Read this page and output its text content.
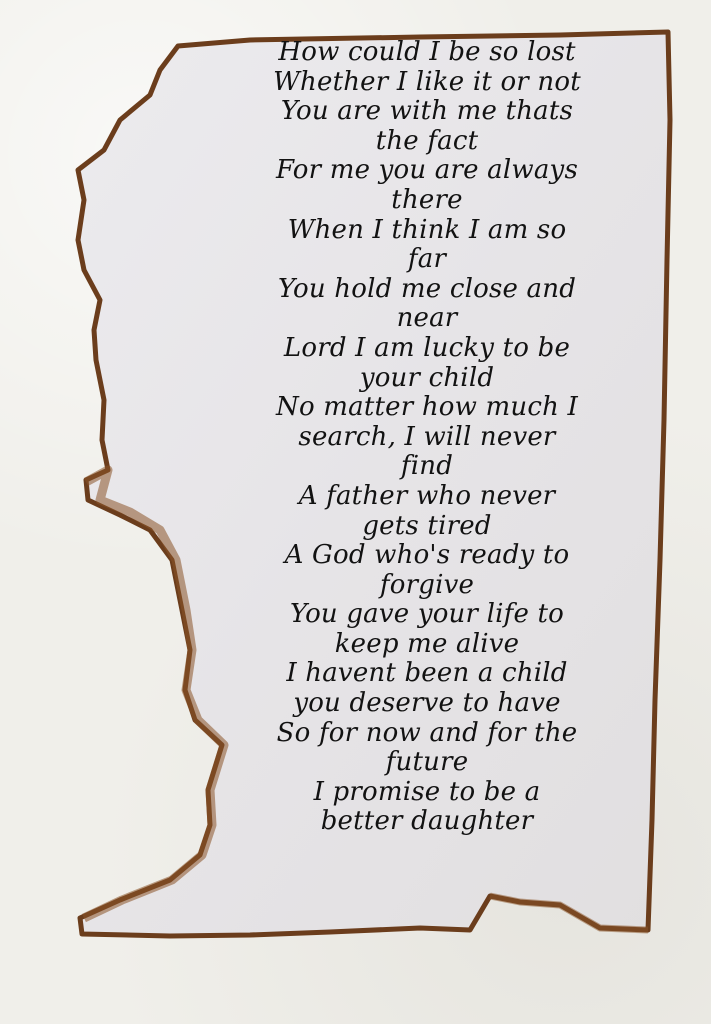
How could I be so lost
Whether I like it or not
You are with me thats
the fact
For me you are always
there
When I think I am so
far
You hold me close and
near
Lord I am lucky to be
your child
No matter how much I
search, I will never
find
A father who never
gets tired
A God who's ready to
forgive
You gave your life to
keep me alive
I havent been a child
you deserve to have
So for now and for the
future
I promise to be a
better daughter
